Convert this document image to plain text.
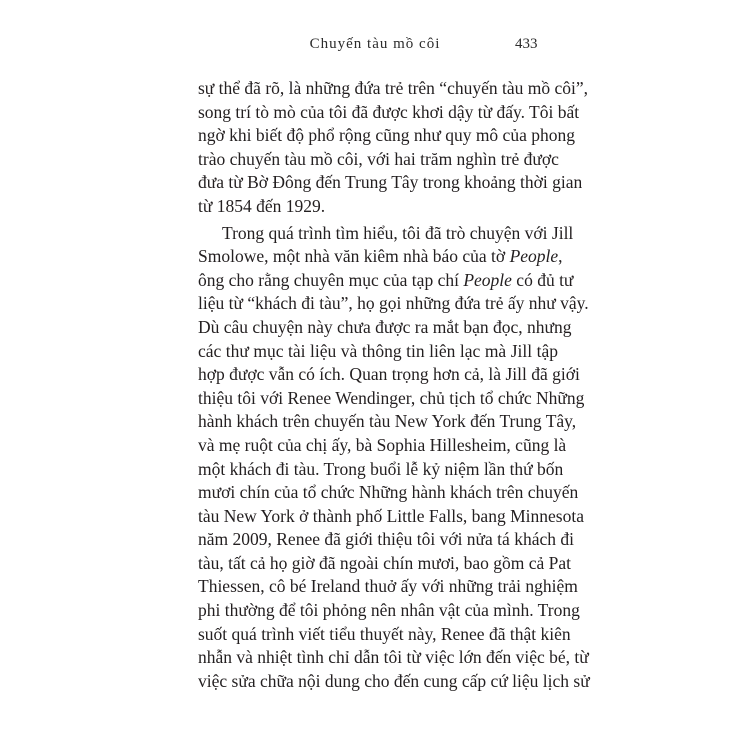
Chuyến tàu mồ côi	433
sự thể đã rõ, là những đứa trẻ trên “chuyến tàu mồ côi”,
song trí tò mò của tôi đã được khơi dậy từ đấy. Tôi bất
ngờ khi biết độ phổ rộng cũng như quy mô của phong
trào chuyến tàu mồ côi, với hai trăm nghìn trẻ được
đưa từ Bờ Đông đến Trung Tây trong khoảng thời gian
từ 1854 đến 1929.
Trong quá trình tìm hiểu, tôi đã trò chuyện với Jill
Smolowe, một nhà văn kiêm nhà báo của tờ People,
ông cho rằng chuyên mục của tạp chí People có đủ tư
liệu từ “khách đi tàu”, họ gọi những đứa trẻ ấy như vậy.
Dù câu chuyện này chưa được ra mắt bạn đọc, nhưng
các thư mục tài liệu và thông tin liên lạc mà Jill tập
hợp được vẫn có ích. Quan trọng hơn cả, là Jill đã giới
thiệu tôi với Renee Wendinger, chủ tịch tổ chức Những
hành khách trên chuyến tàu New York đến Trung Tây,
và mẹ ruột của chị ấy, bà Sophia Hillesheim, cũng là
một khách đi tàu. Trong buổi lễ kỷ niệm lần thứ bốn
mươi chín của tổ chức Những hành khách trên chuyến
tàu New York ở thành phố Little Falls, bang Minnesota
năm 2009, Renee đã giới thiệu tôi với nửa tá khách đi
tàu, tất cả họ giờ đã ngoài chín mươi, bao gồm cả Pat
Thiessen, cô bé Ireland thuở ấy với những trải nghiệm
phi thường để tôi phỏng nên nhân vật của mình. Trong
suốt quá trình viết tiểu thuyết này, Renee đã thật kiên
nhẫn và nhiệt tình chỉ dẫn tôi từ việc lớn đến việc bé, từ
việc sửa chữa nội dung cho đến cung cấp cứ liệu lịch sử
